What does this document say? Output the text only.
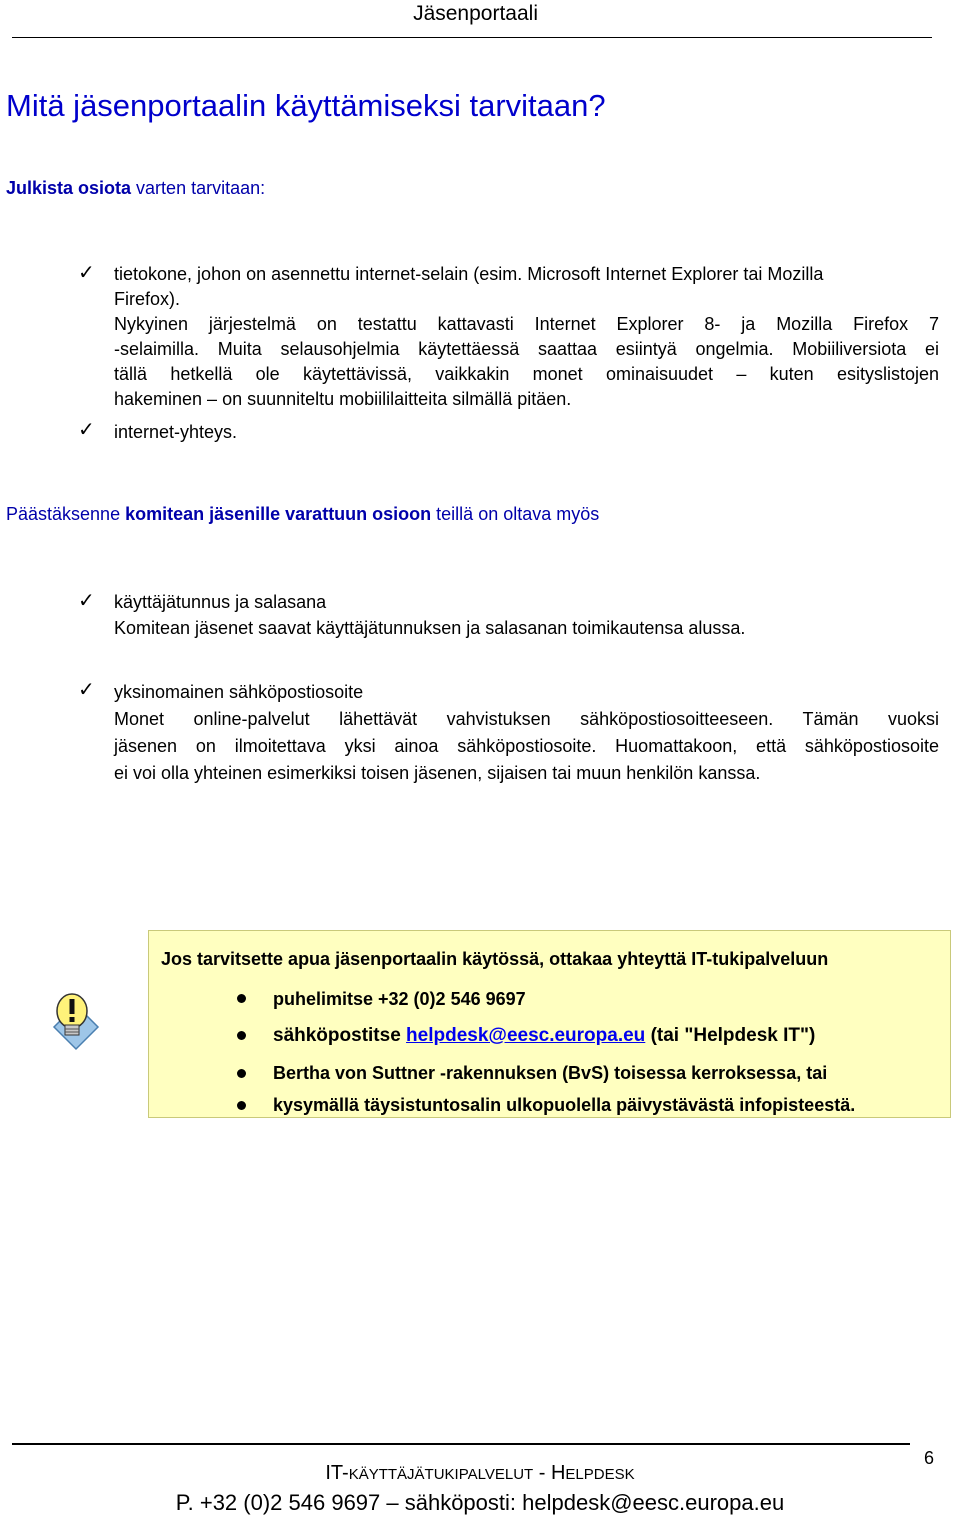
Jäsenportaali
Mitä jäsenportaalin käyttämiseksi tarvitaan?
Julkista osiota varten tarvitaan:
✓ tietokone, johon on asennettu internet-selain (esim. Microsoft Internet Explorer tai Mozilla
Firefox).
Nykyinen järjestelmä on testattu kattavasti Internet Explorer 8- ja Mozilla Firefox 7
-selaimilla. Muita selausohjelmia käytettäessä saattaa esiintyä ongelmia. Mobiiliversiota ei
tällä hetkellä ole käytettävissä, vaikkakin monet ominaisuudet – kuten esityslistojen
hakeminen – on suunniteltu mobiililaitteita silmällä pitäen.
✓ internet-yhteys.
Päästäksenne komitean jäsenille varattuun osioon teillä on oltava myös
✓ käyttäjätunnus ja salasana
Komitean jäsenet saavat käyttäjätunnuksen ja salasanan toimikautensa alussa.
✓ yksinomainen sähköpostiosoite
Monet online-palvelut lähettävät vahvistuksen sähköpostiosoitteeseen. Tämän vuoksi
jäsenen on ilmoitettava yksi ainoa sähköpostiosoite. Huomattakoon, että sähköpostiosoite
ei voi olla yhteinen esimerkiksi toisen jäsenen, sijaisen tai muun henkilön kanssa.
Jos tarvitsette apua jäsenportaalin käytössä, ottakaa yhteyttä IT-tukipalveluun
puhelimitse +32 (0)2 546 9697
sähköpostitse helpdesk@eesc.europa.eu (tai "Helpdesk IT")
Bertha von Suttner -rakennuksen (BvS) toisessa kerroksessa, tai
kysymällä täysistuntosalin ulkopuolella päivystävästä infopisteestä.
6
IT-KÄYTTÄJÄTUKIPALVELUT - HELPDESK
P. +32 (0)2 546 9697 – sähköposti: helpdesk@eesc.europa.eu
